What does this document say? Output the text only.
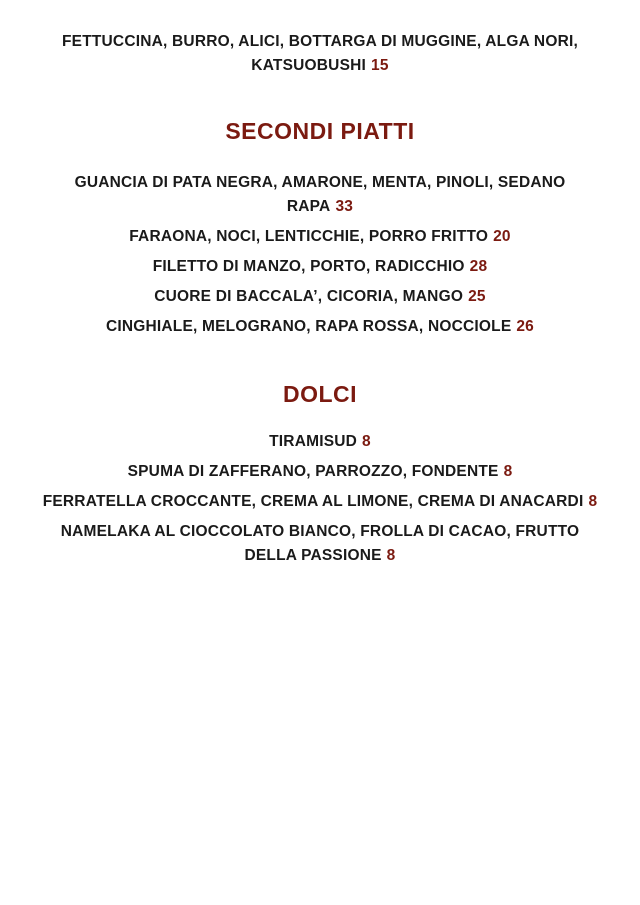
FETTUCCINA, BURRO, ALICI, BOTTARGA DI MUGGINE, ALGA NORI, KATSUOBUSHI 15
SECONDI PIATTI
GUANCIA DI PATA NEGRA, AMARONE, MENTA, PINOLI, SEDANO RAPA 33
FARAONA, NOCI, LENTICCHIE, PORRO FRITTO 20
FILETTO DI MANZO, PORTO, RADICCHIO 28
CUORE DI BACCALA’, CICORIA, MANGO 25
CINGHIALE, MELOGRANO, RAPA ROSSA, NOCCIOLE 26
DOLCI
TIRAMISUD 8
SPUMA DI ZAFFERANO, PARROZZO, FONDENTE 8
FERRATELLA CROCCANTE, CREMA AL LIMONE, CREMA DI ANACARDI 8
NAMELAKA AL CIOCCOLATO BIANCO, FROLLA DI CACAO, FRUTTO DELLA PASSIONE 8
